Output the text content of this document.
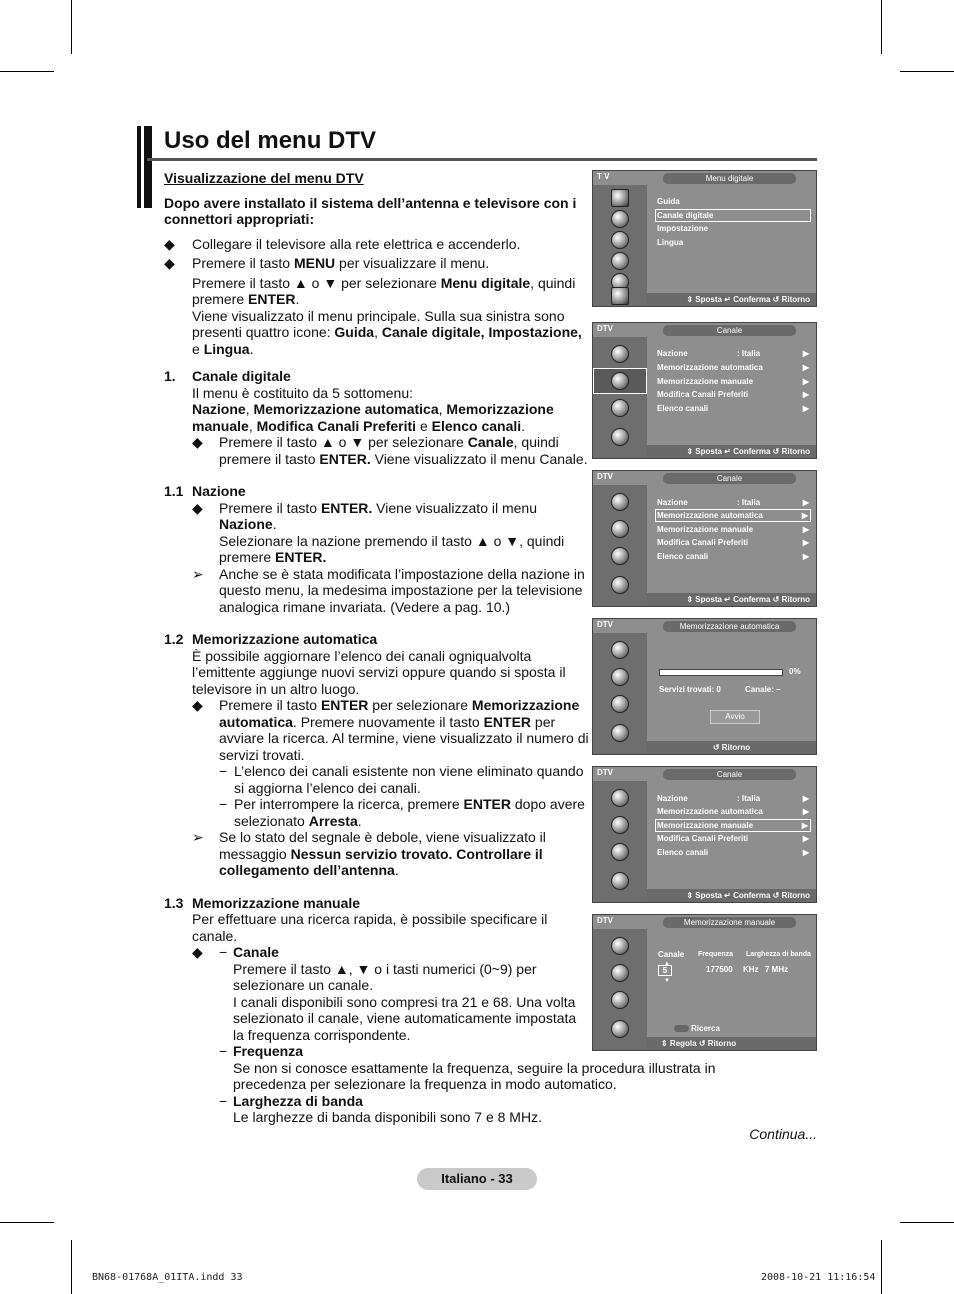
Uso del menu DTV

Visualizzazione del menu DTV

Dopo avere installato il sistema dell’antenna e televisore con i connettori appropriati:

◆ Collegare il televisore alla rete elettrica e accenderlo.

◆ Premere il tasto MENU per visualizzare il menu.

Premere il tasto ▲ o ▼ per selezionare Menu digitale, quindi premere ENTER.

Viene visualizzato il menu principale. Sulla sua sinistra sono presenti quattro icone: Guida, Canale digitale, Impostazione, e Lingua.

1. Canale digitale

Il menu è costituito da 5 sottomenu:

Nazione, Memorizzazione automatica, Memorizzazione manuale, Modifica Canali Preferiti e Elenco canali.

◆ Premere il tasto ▲ o ▼ per selezionare Canale, quindi premere il tasto ENTER. Viene visualizzato il menu Canale.

1.1 Nazione

◆ Premere il tasto ENTER. Viene visualizzato il menu Nazione.

Selezionare la nazione premendo il tasto ▲ o ▼, quindi premere ENTER.

➢ Anche se è stata modificata l’impostazione della nazione in questo menu, la medesima impostazione per la televisione analogica rimane invariata. (Vedere a pag. 10.)

1.2 Memorizzazione automatica

È possibile aggiornare l’elenco dei canali ogniqualvolta l’emittente aggiunge nuovi servizi oppure quando si sposta il televisore in un altro luogo.

◆ Premere il tasto ENTER per selezionare Memorizzazione automatica. Premere nuovamente il tasto ENTER per avviare la ricerca. Al termine, viene visualizzato il numero di servizi trovati.

− L’elenco dei canali esistente non viene eliminato quando si aggiorna l’elenco dei canali.

− Per interrompere la ricerca, premere ENTER dopo avere selezionato Arresta.

➢ Se lo stato del segnale è debole, viene visualizzato il messaggio Nessun servizio trovato. Controllare il collegamento dell’antenna.

1.3 Memorizzazione manuale

Per effettuare una ricerca rapida, è possibile specificare il canale.

◆ − Canale

Premere il tasto ▲, ▼ o i tasti numerici (0~9) per selezionare un canale.

I canali disponibili sono compresi tra 21 e 68. Una volta selezionato il canale, viene automaticamente impostata la frequenza corrispondente.

− Frequenza

Se non si conosce esattamente la frequenza, seguire la procedura illustrata in precedenza per selezionare la frequenza in modo automatico.

− Larghezza di banda

Le larghezze di banda disponibili sono 7 e 8 MHz.

T V	Menu digitale
Guida
Canale digitale
Impostazione
Lingua
⇕ Sposta ↵ Conferma ↺ Ritorno
DTV	Canale
Nazione	: Italia	▶
Memorizzazione automatica	▶
Memorizzazione manuale	▶
Modifica Canali Preferiti	▶
Elenco canali	▶
⇕ Sposta ↵ Conferma ↺ Ritorno
DTV	Canale
Nazione	: Italia	▶
Memorizzazione automatica	▶
Memorizzazione manuale	▶
Modifica Canali Preferiti	▶
Elenco canali	▶
⇕ Sposta ↵ Conferma ↺ Ritorno
DTV	Memorizzazione automatica
0%
Servizi trovati: 0	Canale: –
Avvio
↺ Ritorno
DTV	Canale
Nazione	: Italia	▶
Memorizzazione automatica	▶
Memorizzazione manuale	▶
Modifica Canali Preferiti	▶
Elenco canali	▶
⇕ Sposta ↵ Conferma ↺ Ritorno
DTV	Memorizzazione manuale
Canale Frequenza Larghezza di banda
▲
5
▼
177500 KHz 7 MHz
Ricerca
⇕ Regola ↺ Ritorno
Continua...
Italiano - 33
BN68-01768A_01ITA.indd 33	2008-10-21 11:16:54
